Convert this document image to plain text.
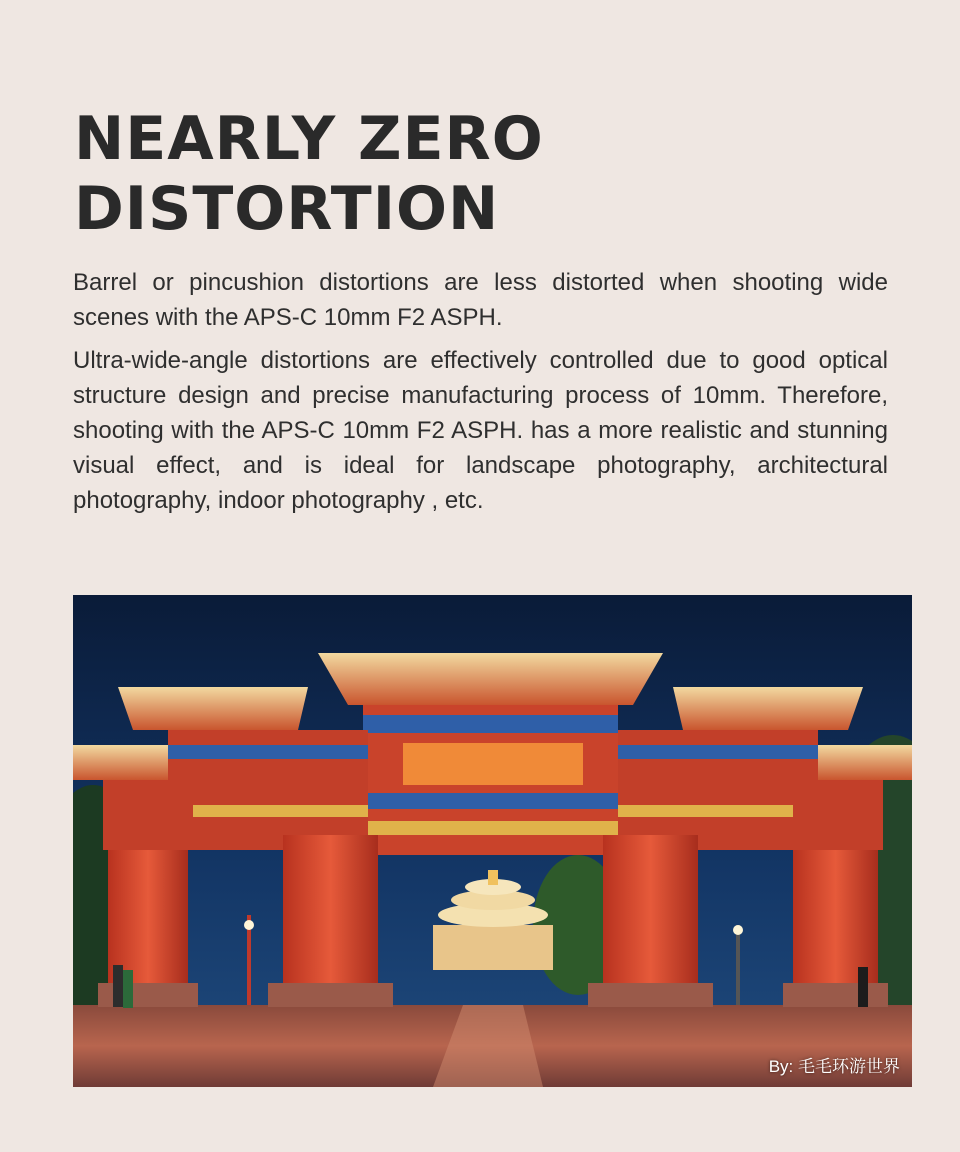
NEARLY ZERO
DISTORTION

Barrel or pincushion distortions are less distorted when shooting wide scenes with the APS-C 10mm F2 ASPH.

Ultra-wide-angle distortions are effectively controlled due to good optical structure design and precise manufacturing process of 10mm. Therefore, shooting with the APS-C 10mm F2 ASPH. has a more realistic and stunning visual effect, and is ideal for landscape photography, architectural photography, indoor photography , etc.

By: 毛毛环游世界
